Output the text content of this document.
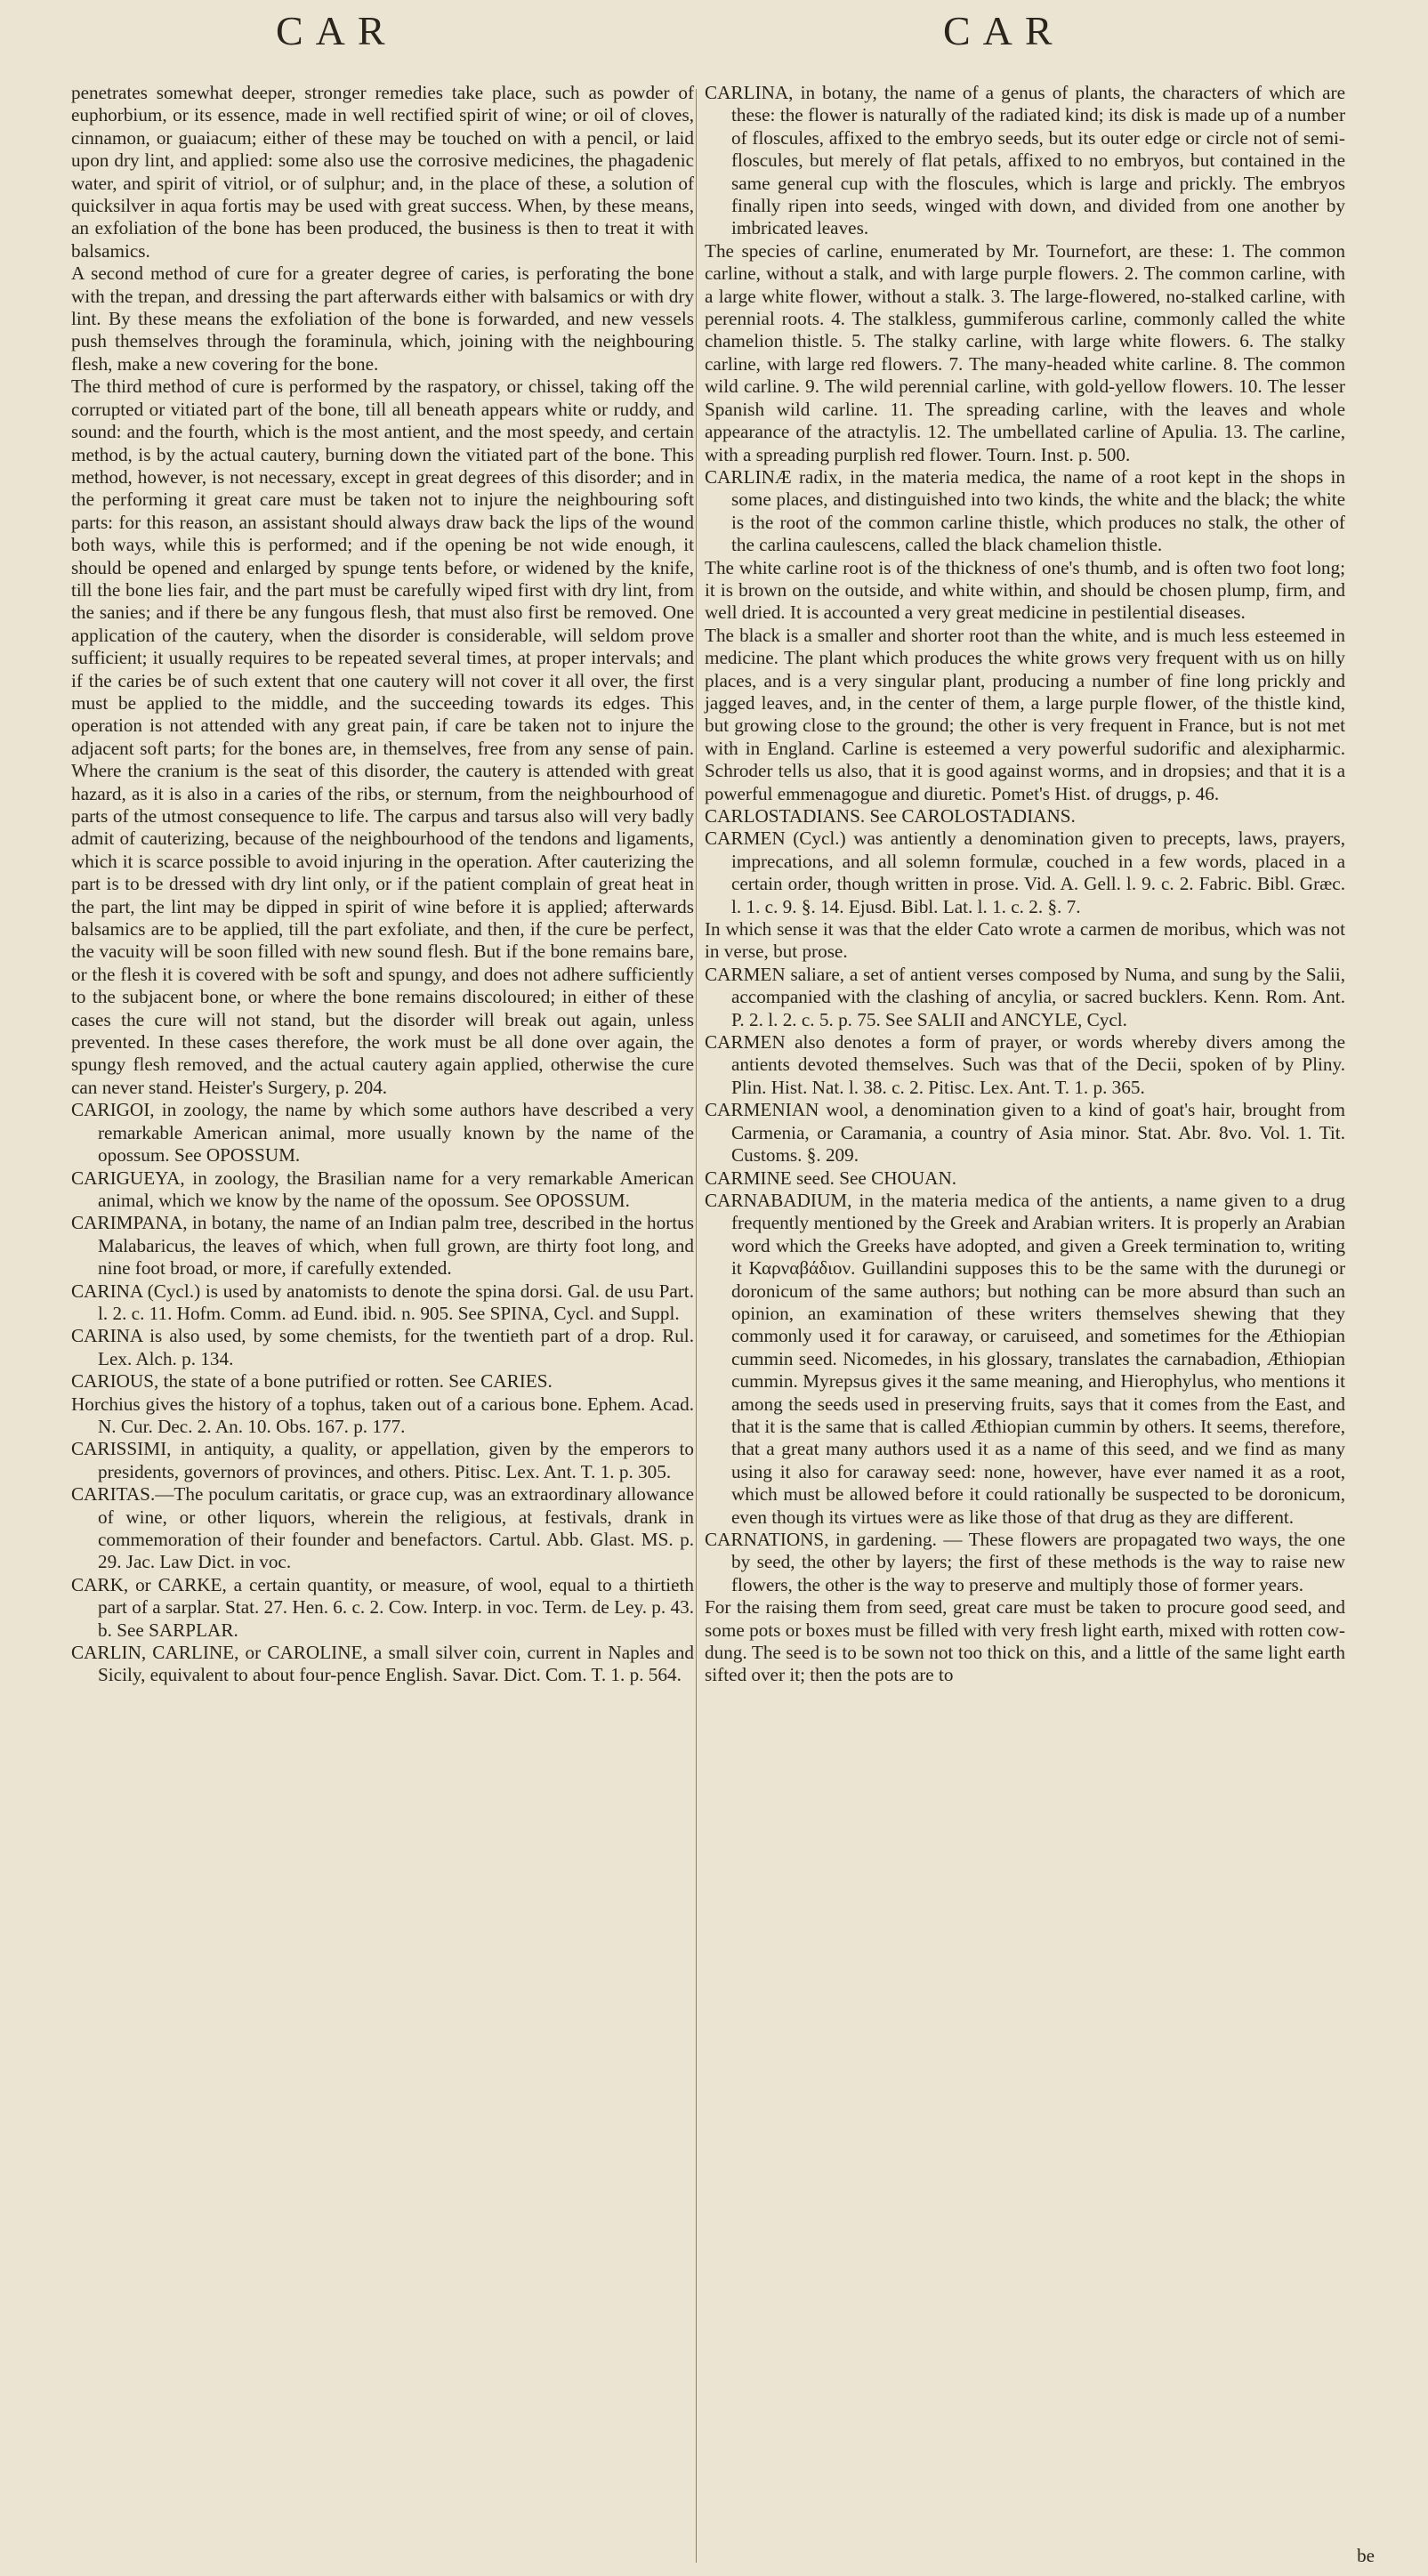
CAR	CAR

penetrates somewhat deeper, stronger remedies take place, such as powder of euphorbium, or its essence, made in well rectified spirit of wine; or oil of cloves, cinnamon, or guaiacum; either of these may be touched on with a pencil, or laid upon dry lint, and applied: some also use the corrosive medicines, the phagadenic water, and spirit of vitriol, or of sulphur; and, in the place of these, a solution of quicksilver in aqua fortis may be used with great success. When, by these means, an exfoliation of the bone has been produced, the business is then to treat it with balsamics.

A second method of cure for a greater degree of caries, is perforating the bone with the trepan, and dressing the part afterwards either with balsamics or with dry lint. By these means the exfoliation of the bone is forwarded, and new vessels push themselves through the foraminula, which, joining with the neighbouring flesh, make a new covering for the bone.

The third method of cure is performed by the raspatory, or chissel, taking off the corrupted or vitiated part of the bone, till all beneath appears white or ruddy, and sound: and the fourth, which is the most antient, and the most speedy, and certain method, is by the actual cautery, burning down the vitiated part of the bone. This method, however, is not necessary, except in great degrees of this disorder; and in the performing it great care must be taken not to injure the neighbouring soft parts: for this reason, an assistant should always draw back the lips of the wound both ways, while this is performed; and if the opening be not wide enough, it should be opened and enlarged by spunge tents before, or widened by the knife, till the bone lies fair, and the part must be carefully wiped first with dry lint, from the sanies; and if there be any fungous flesh, that must also first be removed. One application of the cautery, when the disorder is considerable, will seldom prove sufficient; it usually requires to be repeated several times, at proper intervals; and if the caries be of such extent that one cautery will not cover it all over, the first must be applied to the middle, and the succeeding towards its edges. This operation is not attended with any great pain, if care be taken not to injure the adjacent soft parts; for the bones are, in themselves, free from any sense of pain. Where the cranium is the seat of this disorder, the cautery is attended with great hazard, as it is also in a caries of the ribs, or sternum, from the neighbourhood of parts of the utmost consequence to life. The carpus and tarsus also will very badly admit of cauterizing, because of the neighbourhood of the tendons and ligaments, which it is scarce possible to avoid injuring in the operation. After cauterizing the part is to be dressed with dry lint only, or if the patient complain of great heat in the part, the lint may be dipped in spirit of wine before it is applied; afterwards balsamics are to be applied, till the part exfoliate, and then, if the cure be perfect, the vacuity will be soon filled with new sound flesh. But if the bone remains bare, or the flesh it is covered with be soft and spungy, and does not adhere sufficiently to the subjacent bone, or where the bone remains discoloured; in either of these cases the cure will not stand, but the disorder will break out again, unless prevented. In these cases therefore, the work must be all done over again, the spungy flesh removed, and the actual cautery again applied, otherwise the cure can never stand. Heister's Surgery, p. 204.

CARIGOI, in zoology, the name by which some authors have described a very remarkable American animal, more usually known by the name of the opossum. See OPOSSUM.

CARIGUEYA, in zoology, the Brasilian name for a very remarkable American animal, which we know by the name of the opossum. See OPOSSUM.

CARIMPANA, in botany, the name of an Indian palm tree, described in the hortus Malabaricus, the leaves of which, when full grown, are thirty foot long, and nine foot broad, or more, if carefully extended.

CARINA (Cycl.) is used by anatomists to denote the spina dorsi. Gal. de usu Part. l. 2. c. 11. Hofm. Comm. ad Eund. ibid. n. 905. See SPINA, Cycl. and Suppl.

CARINA is also used, by some chemists, for the twentieth part of a drop. Rul. Lex. Alch. p. 134.

CARIOUS, the state of a bone putrified or rotten. See CARIES.

Horchius gives the history of a tophus, taken out of a carious bone. Ephem. Acad. N. Cur. Dec. 2. An. 10. Obs. 167. p. 177.

CARISSIMI, in antiquity, a quality, or appellation, given by the emperors to presidents, governors of provinces, and others. Pitisc. Lex. Ant. T. 1. p. 305.

CARITAS.—The poculum caritatis, or grace cup, was an extraordinary allowance of wine, or other liquors, wherein the religious, at festivals, drank in commemoration of their founder and benefactors. Cartul. Abb. Glast. MS. p. 29. Jac. Law Dict. in voc.

CARK, or CARKE, a certain quantity, or measure, of wool, equal to a thirtieth part of a sarplar. Stat. 27. Hen. 6. c. 2. Cow. Interp. in voc. Term. de Ley. p. 43. b. See SARPLAR.

CARLIN, CARLINE, or CAROLINE, a small silver coin, current in Naples and Sicily, equivalent to about four-pence English. Savar. Dict. Com. T. 1. p. 564.

CARLINA, in botany, the name of a genus of plants, the characters of which are these: the flower is naturally of the radiated kind; its disk is made up of a number of floscules, affixed to the embryo seeds, but its outer edge or circle not of semi-floscules, but merely of flat petals, affixed to no embryos, but contained in the same general cup with the floscules, which is large and prickly. The embryos finally ripen into seeds, winged with down, and divided from one another by imbricated leaves.

The species of carline, enumerated by Mr. Tournefort, are these: 1. The common carline, without a stalk, and with large purple flowers. 2. The common carline, with a large white flower, without a stalk. 3. The large-flowered, no-stalked carline, with perennial roots. 4. The stalkless, gummiferous carline, commonly called the white chamelion thistle. 5. The stalky carline, with large white flowers. 6. The stalky carline, with large red flowers. 7. The many-headed white carline. 8. The common wild carline. 9. The wild perennial carline, with gold-yellow flowers. 10. The lesser Spanish wild carline. 11. The spreading carline, with the leaves and whole appearance of the atractylis. 12. The umbellated carline of Apulia. 13. The carline, with a spreading purplish red flower. Tourn. Inst. p. 500.

CARLINÆ radix, in the materia medica, the name of a root kept in the shops in some places, and distinguished into two kinds, the white and the black; the white is the root of the common carline thistle, which produces no stalk, the other of the carlina caulescens, called the black chamelion thistle.

The white carline root is of the thickness of one's thumb, and is often two foot long; it is brown on the outside, and white within, and should be chosen plump, firm, and well dried. It is accounted a very great medicine in pestilential diseases.

The black is a smaller and shorter root than the white, and is much less esteemed in medicine. The plant which produces the white grows very frequent with us on hilly places, and is a very singular plant, producing a number of fine long prickly and jagged leaves, and, in the center of them, a large purple flower, of the thistle kind, but growing close to the ground; the other is very frequent in France, but is not met with in England. Carline is esteemed a very powerful sudorific and alexipharmic. Schroder tells us also, that it is good against worms, and in dropsies; and that it is a powerful emmenagogue and diuretic. Pomet's Hist. of druggs, p. 46.

CARLOSTADIANS. See CAROLOSTADIANS.

CARMEN (Cycl.) was antiently a denomination given to precepts, laws, prayers, imprecations, and all solemn formulæ, couched in a few words, placed in a certain order, though written in prose. Vid. A. Gell. l. 9. c. 2. Fabric. Bibl. Græc. l. 1. c. 9. §. 14. Ejusd. Bibl. Lat. l. 1. c. 2. §. 7.

In which sense it was that the elder Cato wrote a carmen de moribus, which was not in verse, but prose.

CARMEN saliare, a set of antient verses composed by Numa, and sung by the Salii, accompanied with the clashing of ancylia, or sacred bucklers. Kenn. Rom. Ant. P. 2. l. 2. c. 5. p. 75. See SALII and ANCYLE, Cycl.

CARMEN also denotes a form of prayer, or words whereby divers among the antients devoted themselves. Such was that of the Decii, spoken of by Pliny. Plin. Hist. Nat. l. 38. c. 2. Pitisc. Lex. Ant. T. 1. p. 365.

CARMENIAN wool, a denomination given to a kind of goat's hair, brought from Carmenia, or Caramania, a country of Asia minor. Stat. Abr. 8vo. Vol. 1. Tit. Customs. §. 209.

CARMINE seed. See CHOUAN.

CARNABADIUM, in the materia medica of the antients, a name given to a drug frequently mentioned by the Greek and Arabian writers. It is properly an Arabian word which the Greeks have adopted, and given a Greek termination to, writing it Καρναβάδιον. Guillandini supposes this to be the same with the durunegi or doronicum of the same authors; but nothing can be more absurd than such an opinion, an examination of these writers themselves shewing that they commonly used it for caraway, or caruiseed, and sometimes for the Æthiopian cummin seed. Nicomedes, in his glossary, translates the carnabadion, Æthiopian cummin. Myrepsus gives it the same meaning, and Hierophylus, who mentions it among the seeds used in preserving fruits, says that it comes from the East, and that it is the same that is called Æthiopian cummin by others. It seems, therefore, that a great many authors used it as a name of this seed, and we find as many using it also for caraway seed: none, however, have ever named it as a root, which must be allowed before it could rationally be suspected to be doronicum, even though its virtues were as like those of that drug as they are different.

CARNATIONS, in gardening. — These flowers are propagated two ways, the one by seed, the other by layers; the first of these methods is the way to raise new flowers, the other is the way to preserve and multiply those of former years.

For the raising them from seed, great care must be taken to procure good seed, and some pots or boxes must be filled with very fresh light earth, mixed with rotten cow-dung. The seed is to be sown not too thick on this, and a little of the same light earth sifted over it; then the pots are to

be
